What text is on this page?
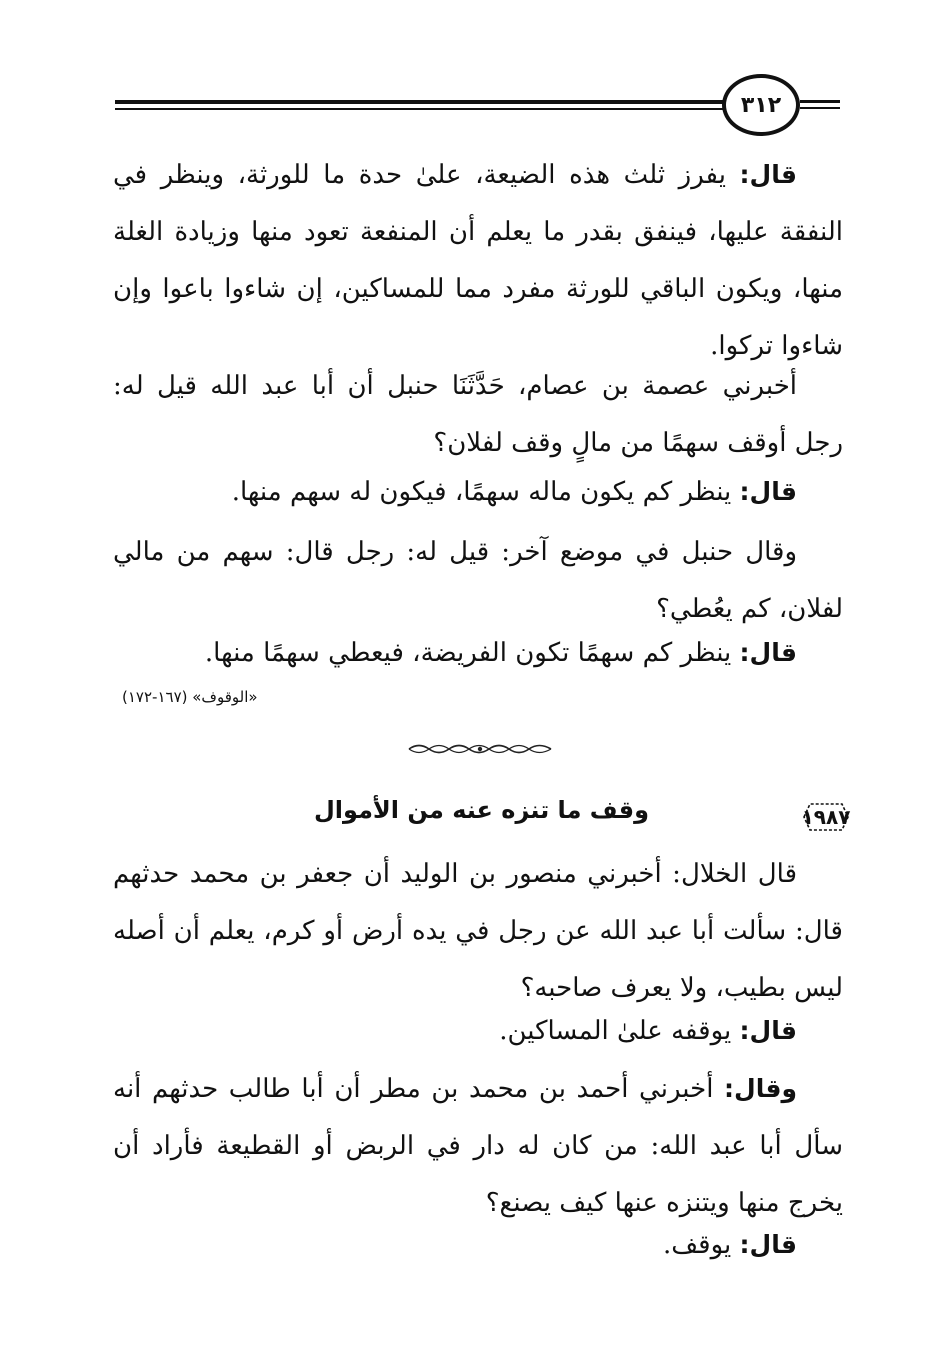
٣١٢

قال: يفرز ثلث هذه الضيعة، علىٰ حدة ما للورثة، وينظر في النفقة عليها، فينفق بقدر ما يعلم أن المنفعة تعود منها وزيادة الغلة منها، ويكون الباقي للورثة مفرد مما للمساكين، إن شاءوا باعوا وإن شاءوا تركوا.

أخبرني عصمة بن عصام، حَدَّثَنَا حنبل أن أبا عبد الله قيل له: رجل أوقف سهمًا من مالٍ وقف لفلان؟

قال: ينظر كم يكون ماله سهمًا، فيكون له سهم منها.

وقال حنبل في موضع آخر: قيل له: رجل قال: سهم من مالي لفلان، كم يعُطي؟

قال: ينظر كم سهمًا تكون الفريضة، فيعطي سهمًا منها.

«الوقوف» (١٦٧-١٧٢)
١٩٨٧
وقف ما تنزه عنه من الأموال

قال الخلال: أخبرني منصور بن الوليد أن جعفر بن محمد حدثهم قال: سألت أبا عبد الله عن رجل في يده أرض أو كرم، يعلم أن أصله ليس بطيب، ولا يعرف صاحبه؟

قال: يوقفه علىٰ المساكين.

وقال: أخبرني أحمد بن محمد بن مطر أن أبا طالب حدثهم أنه سأل أبا عبد الله: من كان له دار في الربض أو القطيعة فأراد أن يخرج منها ويتنزه عنها كيف يصنع؟

قال: يوقف.
